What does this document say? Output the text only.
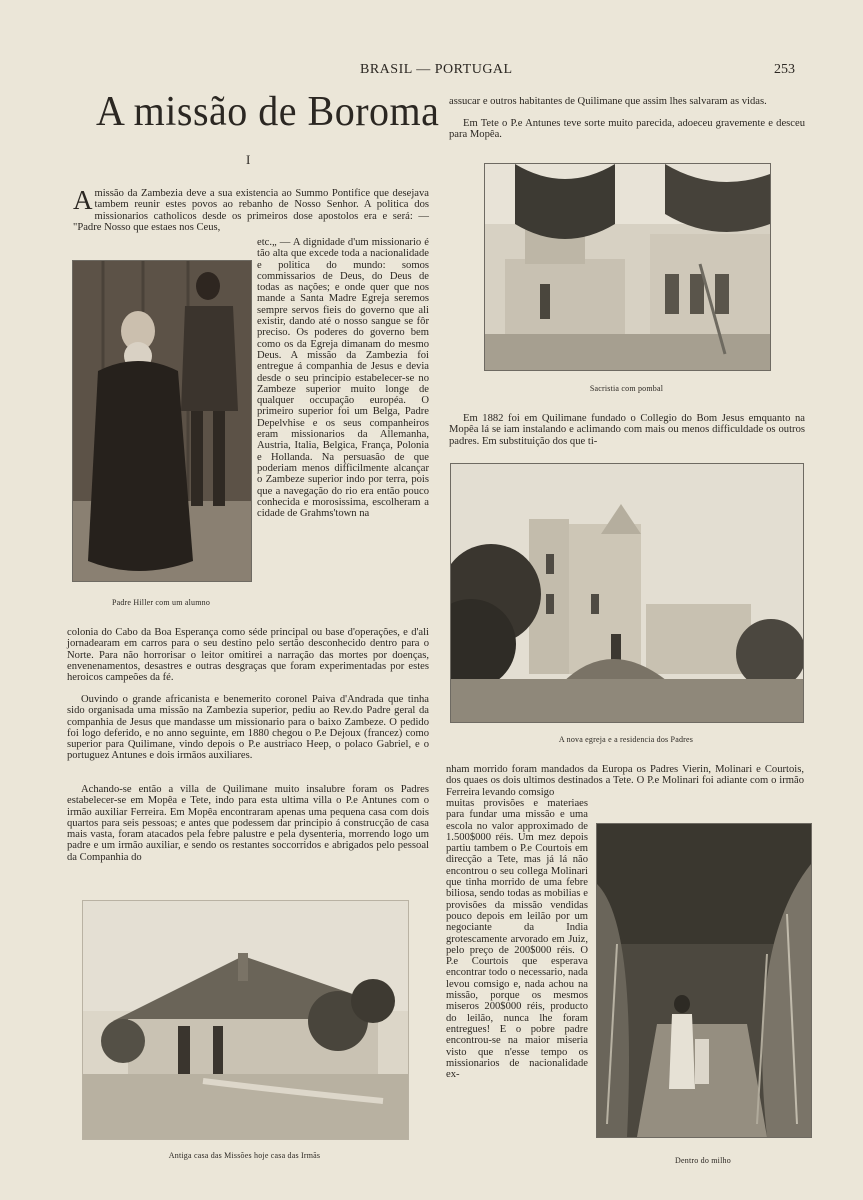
BRASIL — PORTUGAL	253
A missão de Boroma
I

A missão da Zambezia deve a sua existencia ao Summo Pontifice que desejava tambem reunir estes povos ao rebanho de Nosso Senhor. A politica dos missionarios catholicos desde os primeiros dose apostolos era e será: — "Padre Nosso que estaes nos Ceus,

Padre Hiller com um alumno

etc.„ — A dignidade d'um missionario é tão alta que excede toda a nacionalidade e politica do mundo: somos commissarios de Deus, do Deus de todas as nações; e onde quer que nos mande a Santa Madre Egreja seremos sempre servos fieis do governo que ali existir, dando até o nosso sangue se fôr preciso. Os poderes do governo bem como os da Egreja dimanam do mesmo Deus. A missão da Zambezia foi entregue á companhia de Jesus e devia desde o seu principio estabelecer-se no Zambeze superior muito longe de qualquer occupação européa. O primeiro superior foi um Belga, Padre Depelvhise e os seus companheiros eram missionarios da Allemanha, Austria, Italia, Belgica, França, Polonia e Hollanda. Na persuasão de que poderiam menos difficilmente alcançar o Zambeze superior indo por terra, pois que a navegação do rio era então pouco conhecida e morosissima, escolheram a cidade de Grahms'town na

colonia do Cabo da Boa Esperança como séde principal ou base d'operações, e d'ali jornadearam em carros para o seu destino pelo sertão desconhecido dentro para o Norte. Para não horrorisar o leitor omitirei a narração das mortes por doenças, envenenamentos, desastres e outras desgraças que foram experimentadas por estes heroicos campeões da fé.

Ouvindo o grande africanista e benemerito coronel Paiva d'Andrada que tinha sido organisada uma missão na Zambezia superior, pediu ao Rev.do Padre geral da companhia de Jesus que mandasse um missionario para o baixo Zambeze. O pedido foi logo deferido, e no anno seguinte, em 1880 chegou o P.e Dejoux (francez) como superior para Quilimane, vindo depois o P.e austriaco Heep, o polaco Gabriel, e o portuguez Antunes e dois irmãos auxiliares.

Achando-se então a villa de Quilimane muito insalubre foram os Padres estabelecer-se em Mopêa e Tete, indo para esta ultima villa o P.e Antunes com o irmão auxiliar Ferreira. Em Mopêa encontraram apenas uma pequena casa com dois quartos para seis pessoas; e antes que podessem dar principio á construcção de casa mais vasta, foram atacados pela febre palustre e pela dysenteria, morrendo logo um padre e um irmão auxiliar, e sendo os restantes soccorridos e abrigados pelo pessoal da Companhia do

Antiga casa das Missões hoje casa das Irmãs

assucar e outros habitantes de Quilimane que assim lhes salvaram as vidas.

Em Tete o P.e Antunes teve sorte muito parecida, adoeceu gravemente e desceu para Mopêa.

Sacristia com pombal

Em 1882 foi em Quilimane fundado o Collegio do Bom Jesus emquanto na Mopêa lá se iam instalando e aclimando com mais ou menos difficuldade os outros padres. Em substituição dos que ti-

A nova egreja e a residencia dos Padres

nham morrido foram mandados da Europa os Padres Vierin, Molinari e Courtois, dos quaes os dois ultimos destinados a Tete. O P.e Molinari foi adiante com o irmão Ferreira levando comsigo

muitas provisões e materiaes para fundar uma missão e uma escola no valor approximado de 1.500$000 réis. Um mez depois partiu tambem o P.e Courtois em direcção a Tete, mas já lá não encontrou o seu collega Molinari que tinha morrido de uma febre biliosa, sendo todas as mobilias e provisões da missão vendidas pouco depois em leilão por um negociante da India grotescamente arvorado em Juiz, pelo preço de 200$000 réis. O P.e Courtois que esperava encontrar todo o necessario, nada levou comsigo e, nada achou na missão, porque os mesmos miseros 200$000 réis, producto do leilão, nunca lhe foram entregues! E o pobre padre encontrou-se na maior miseria visto que n'esse tempo os missionarios de nacionalidade ex-

Dentro do milho
